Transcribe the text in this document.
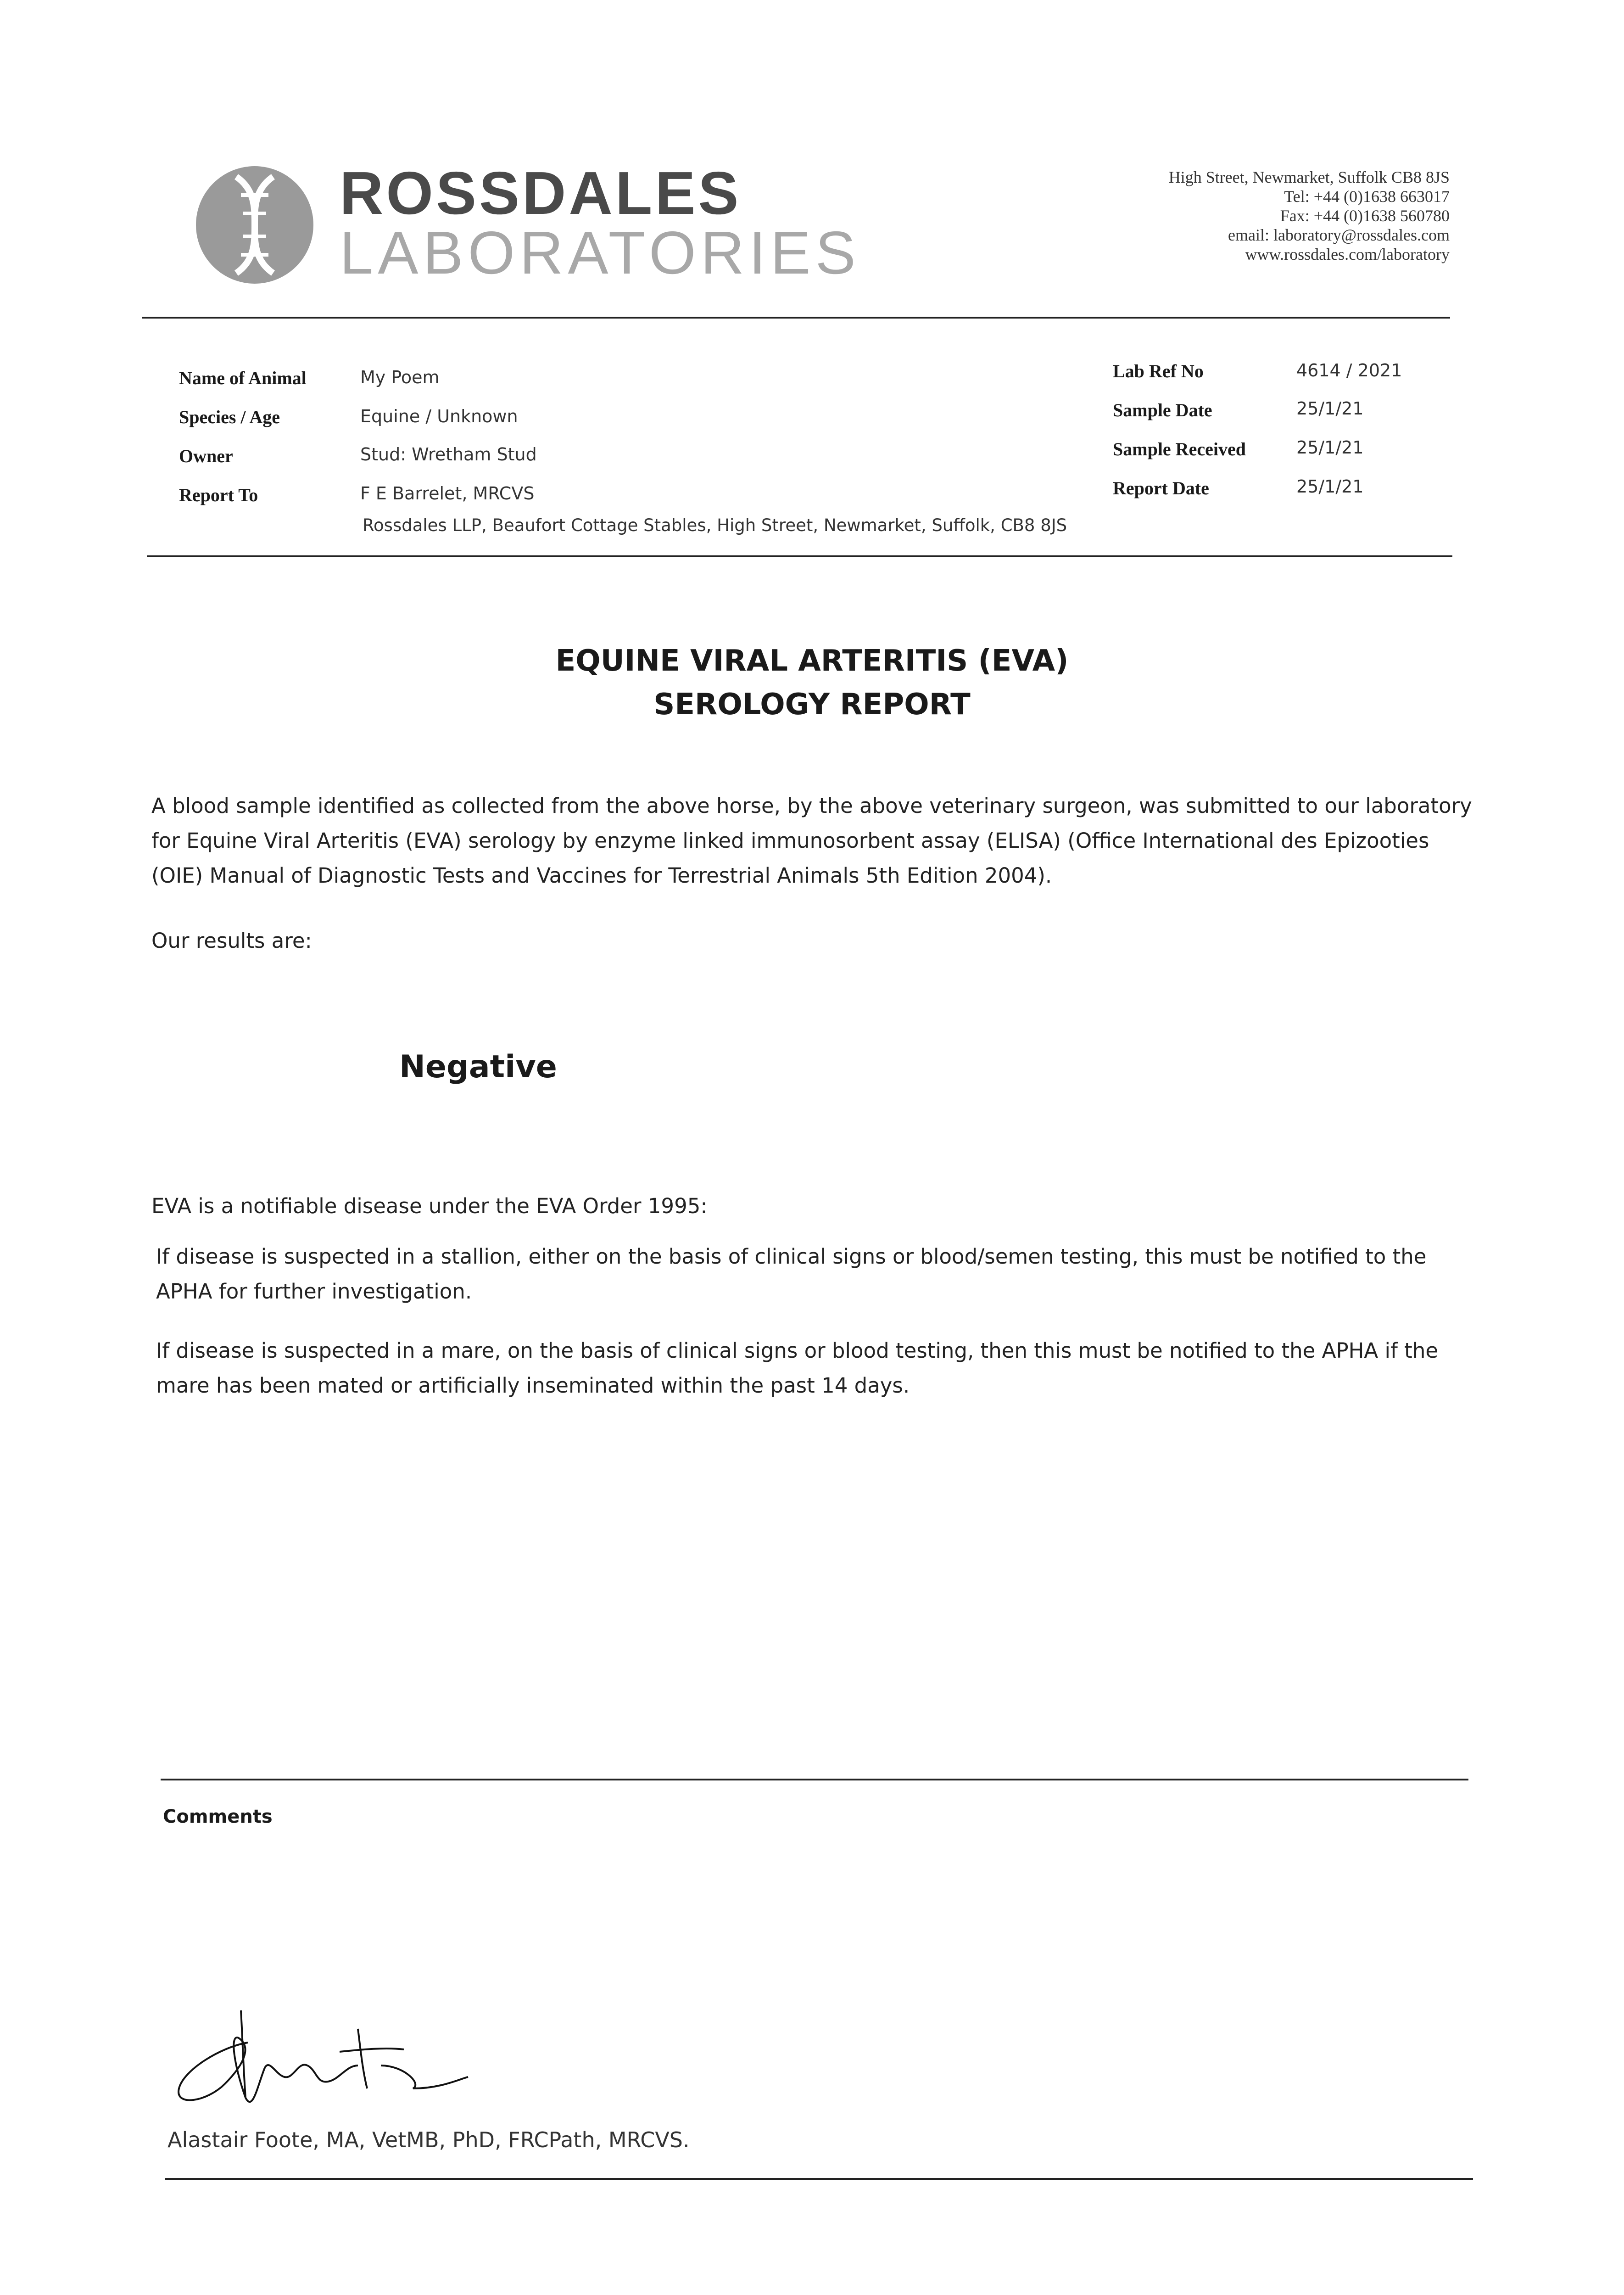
ROSSDALES
LABORATORIES
High Street, Newmarket, Suffolk CB8 8JS
Tel: +44 (0)1638 663017
Fax: +44 (0)1638 560780
email: laboratory@rossdales.com
www.rossdales.com/laboratory
Name of Animal	My Poem
Species / Age	Equine / Unknown
Owner	Stud: Wretham Stud
Report To	F E Barrelet, MRCVS
Rossdales LLP, Beaufort Cottage Stables, High Street, Newmarket, Suffolk, CB8 8JS
Lab Ref No	4614 / 2021
Sample Date	25/1/21
Sample Received	25/1/21
Report Date	25/1/21
EQUINE VIRAL ARTERITIS (EVA)
SEROLOGY REPORT
A blood sample identified as collected from the above horse, by the above veterinary surgeon, was submitted to our laboratory for Equine Viral Arteritis (EVA) serology by enzyme linked immunosorbent assay (ELISA) (Office International des Epizooties (OIE) Manual of Diagnostic Tests and Vaccines for Terrestrial Animals 5th Edition 2004).
Our results are:
Negative
EVA is a notifiable disease under the EVA Order 1995:
If disease is suspected in a stallion, either on the basis of clinical signs or blood/semen testing, this must be notified to the APHA for further investigation.
If disease is suspected in a mare, on the basis of clinical signs or blood testing, then this must be notified to the APHA if the mare has been mated or artificially inseminated within the past 14 days.
Comments
Alastair Foote, MA, VetMB, PhD, FRCPath, MRCVS.
